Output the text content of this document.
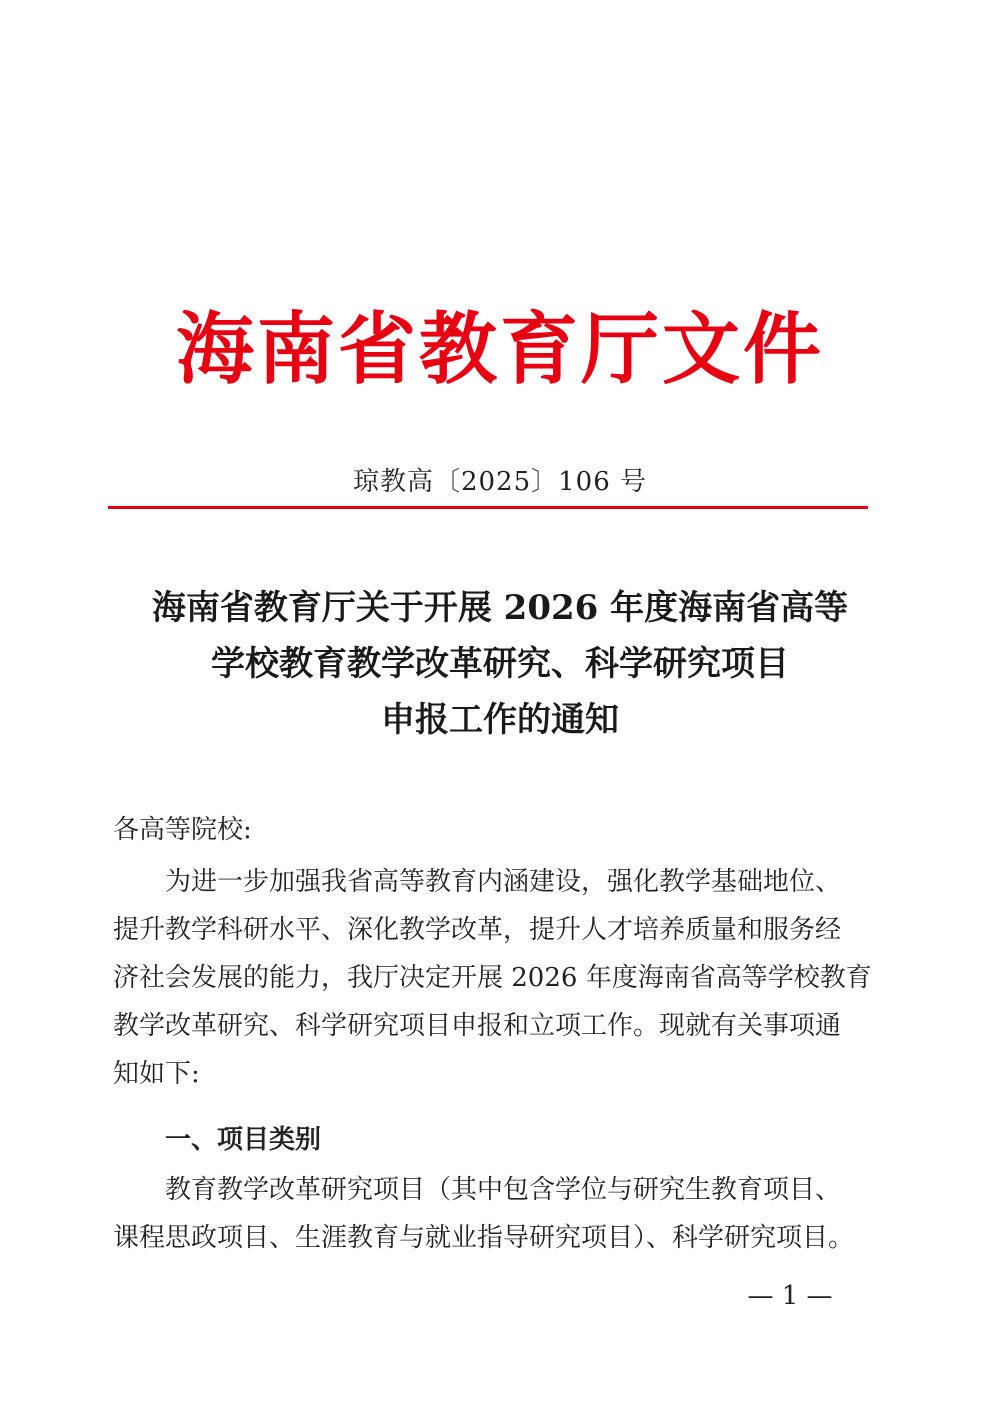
海南省教育厅文件
琼教高〔2025〕106 号
海南省教育厅关于开展 2026 年度海南省高等
学校教育教学改革研究、科学研究项目
申报工作的通知
各高等院校:
为进一步加强我省高等教育内涵建设，强化教学基础地位、
提升教学科研水平、深化教学改革，提升人才培养质量和服务经
济社会发展的能力，我厅决定开展 2026 年度海南省高等学校教育
教学改革研究、科学研究项目申报和立项工作。现就有关事项通
知如下:
一、项目类别
教育教学改革研究项目（其中包含学位与研究生教育项目、
课程思政项目、生涯教育与就业指导研究项目）、科学研究项目。
— 1 —
